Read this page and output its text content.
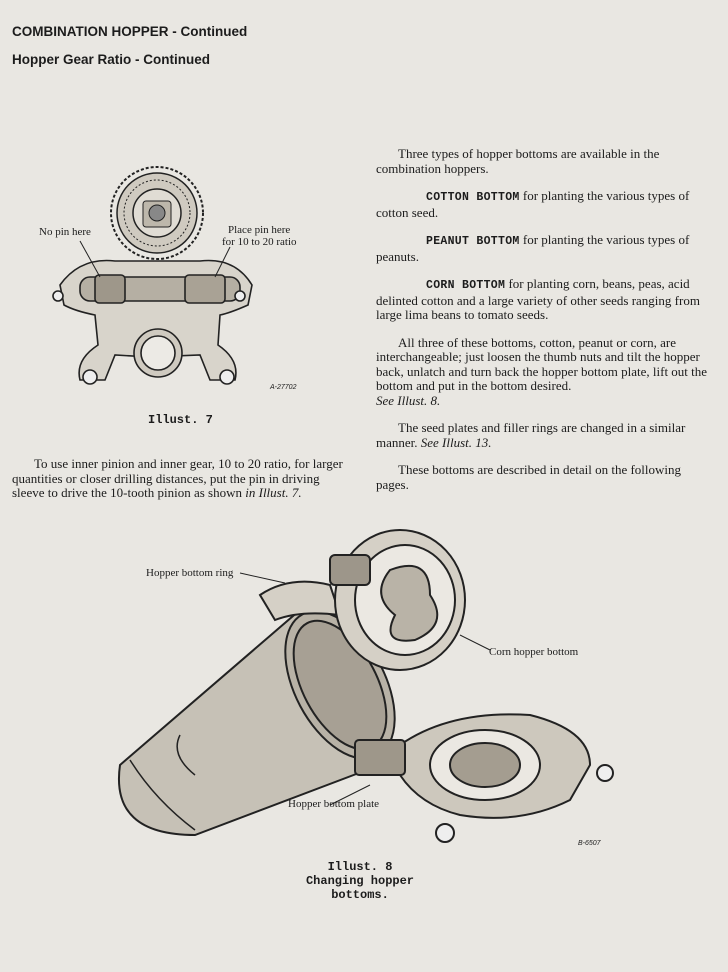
COMBINATION HOPPER - Continued
Hopper Gear Ratio - Continued
No pin here	Place pin here
for 10 to 20 ratio
A-27702
Illust. 7
To use inner pinion and inner gear, 10 to 20 ratio, for larger quantities or closer drilling distances, put the pin in driving sleeve to drive the 10-tooth pinion as shown in Illust. 7.

Three types of hopper bottoms are available in the combination hoppers.

COTTON BOTTOM for planting the various types of cotton seed.

PEANUT BOTTOM for planting the various types of peanuts.

CORN BOTTOM for planting corn, beans, peas, acid delinted cotton and a large variety of other seeds ranging from large lima beans to tomato seeds.

All three of these bottoms, cotton, peanut or corn, are interchangeable; just loosen the thumb nuts and tilt the hopper back, unlatch and turn back the hopper bottom plate, lift out the bottom and put in the bottom desired.
See Illust. 8.

The seed plates and filler rings are changed in a similar manner. See Illust. 13.

These bottoms are described in detail on the following pages.

Hopper bottom ring
Corn hopper bottom
Hopper bottom plate
B-6507
Illust. 8
Changing hopper bottoms.
